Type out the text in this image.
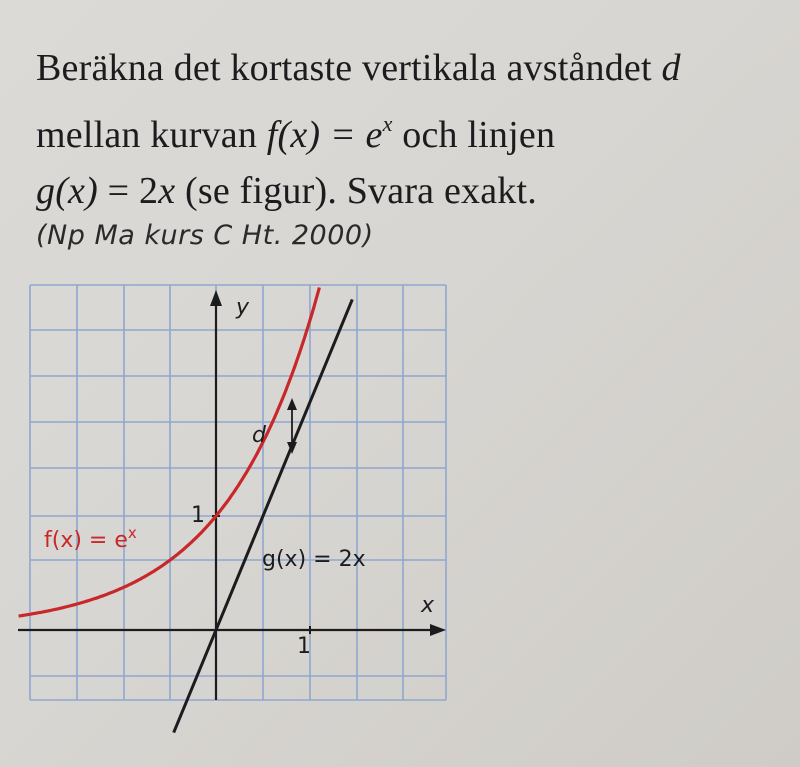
Beräkna det kortaste vertikala avståndet d
mellan kurvan $f(x) = e^x$ och linjen
g(x) = 2x (se figur). Svara exakt.
(Np Ma kurs C Ht. 2000)
y
x
1
1
d
$f(x) = e^x$
g(x) = 2x
